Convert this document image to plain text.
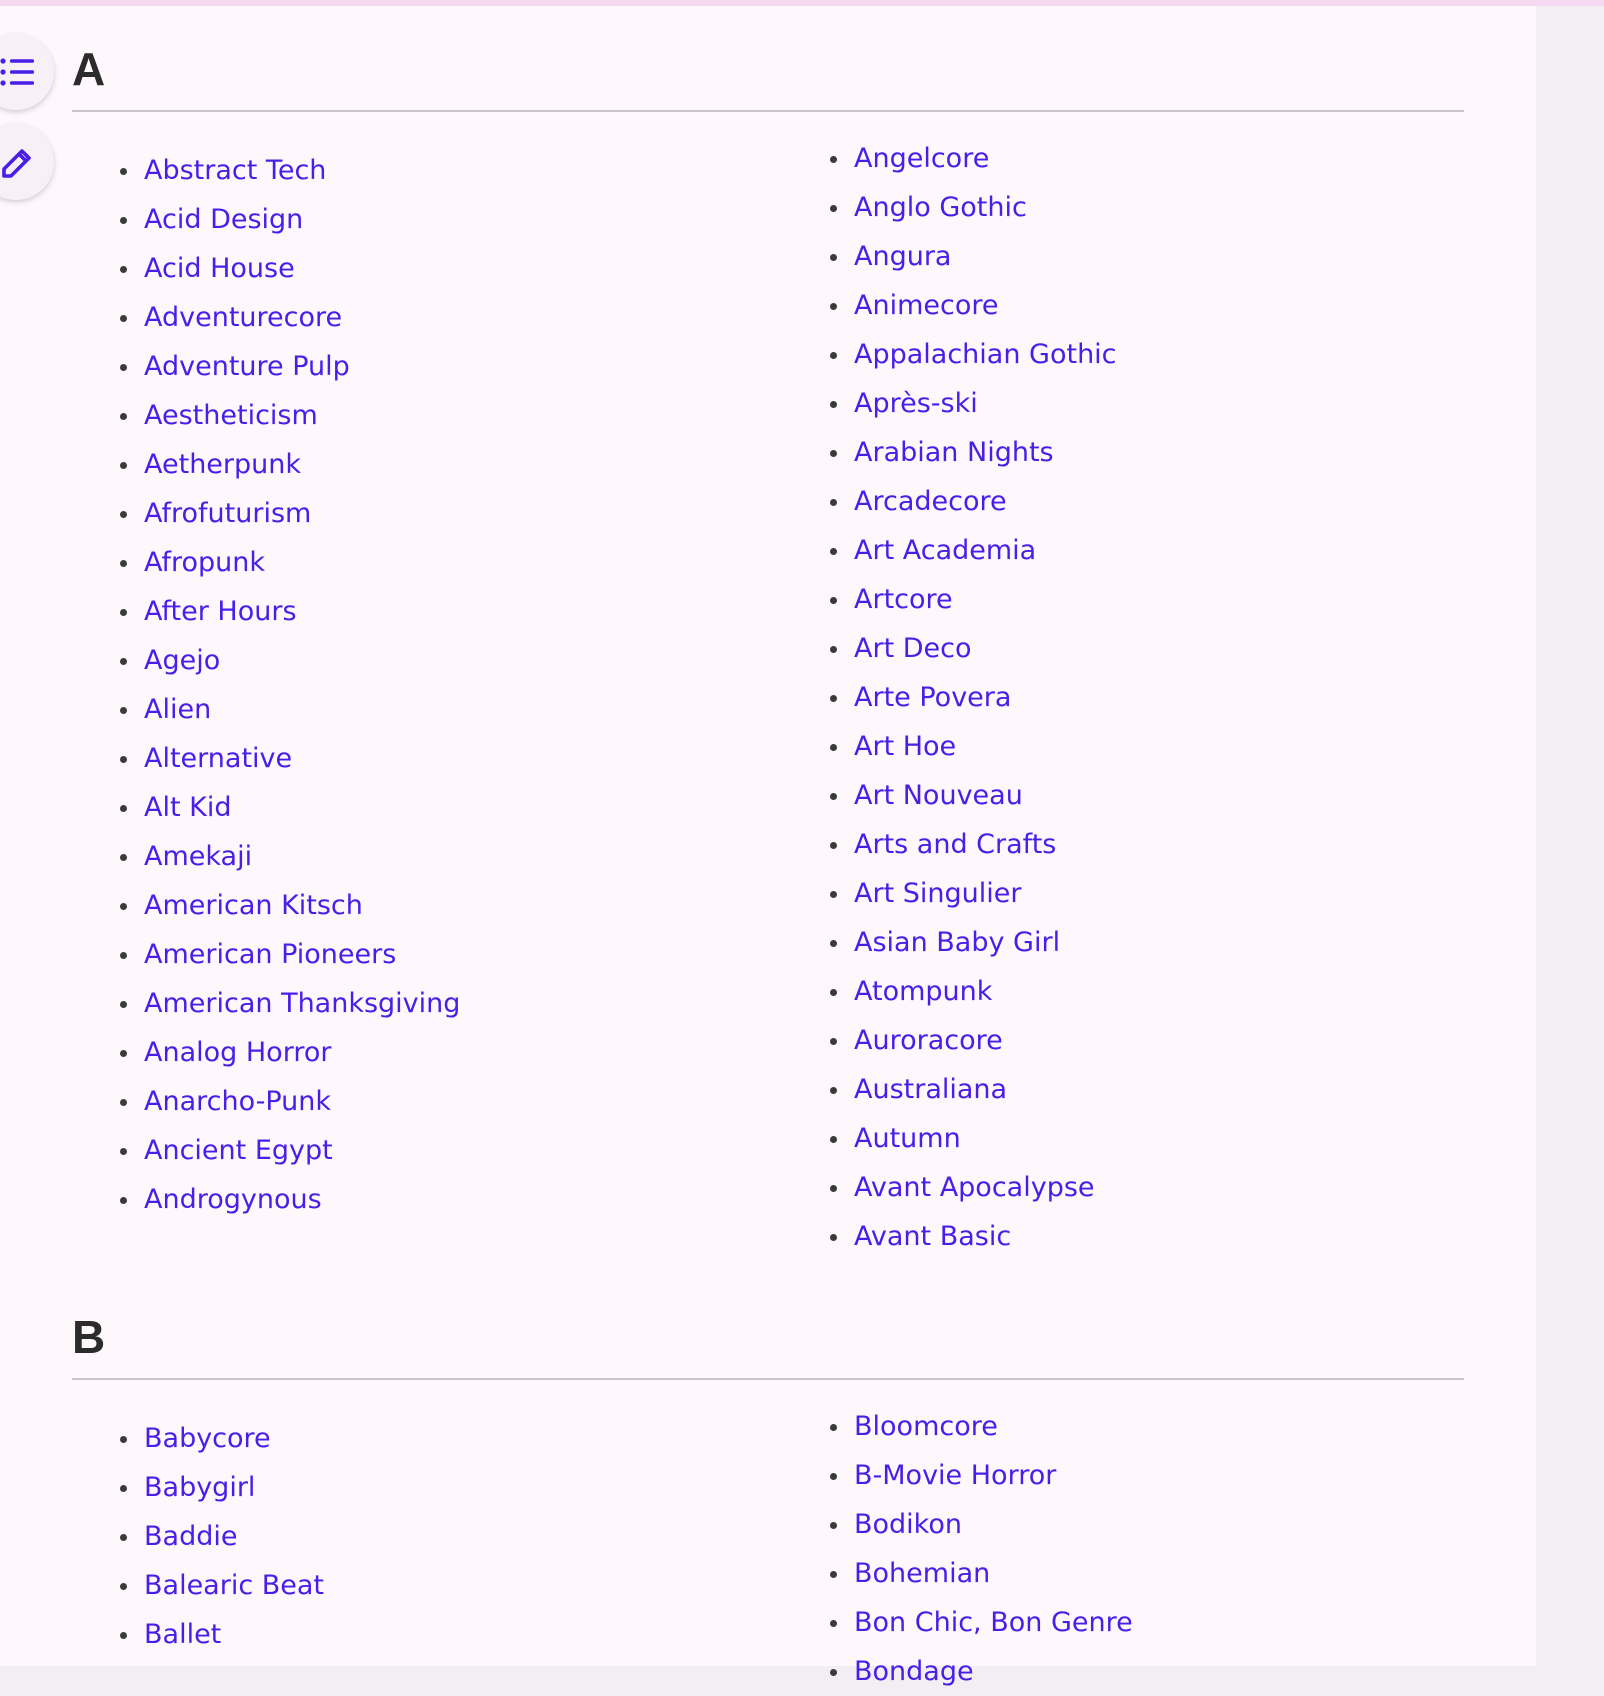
A
Abstract Tech
Acid Design
Acid House
Adventurecore
Adventure Pulp
Aestheticism
Aetherpunk
Afrofuturism
Afropunk
After Hours
Agejo
Alien
Alternative
Alt Kid
Amekaji
American Kitsch
American Pioneers
American Thanksgiving
Analog Horror
Anarcho-Punk
Ancient Egypt
Androgynous
Angelcore
Anglo Gothic
Angura
Animecore
Appalachian Gothic
Après-ski
Arabian Nights
Arcadecore
Art Academia
Artcore
Art Deco
Arte Povera
Art Hoe
Art Nouveau
Arts and Crafts
Art Singulier
Asian Baby Girl
Atompunk
Auroracore
Australiana
Autumn
Avant Apocalypse
Avant Basic
B
Babycore
Babygirl
Baddie
Balearic Beat
Ballet
Bloomcore
B-Movie Horror
Bodikon
Bohemian
Bon Chic, Bon Genre
Bondage
